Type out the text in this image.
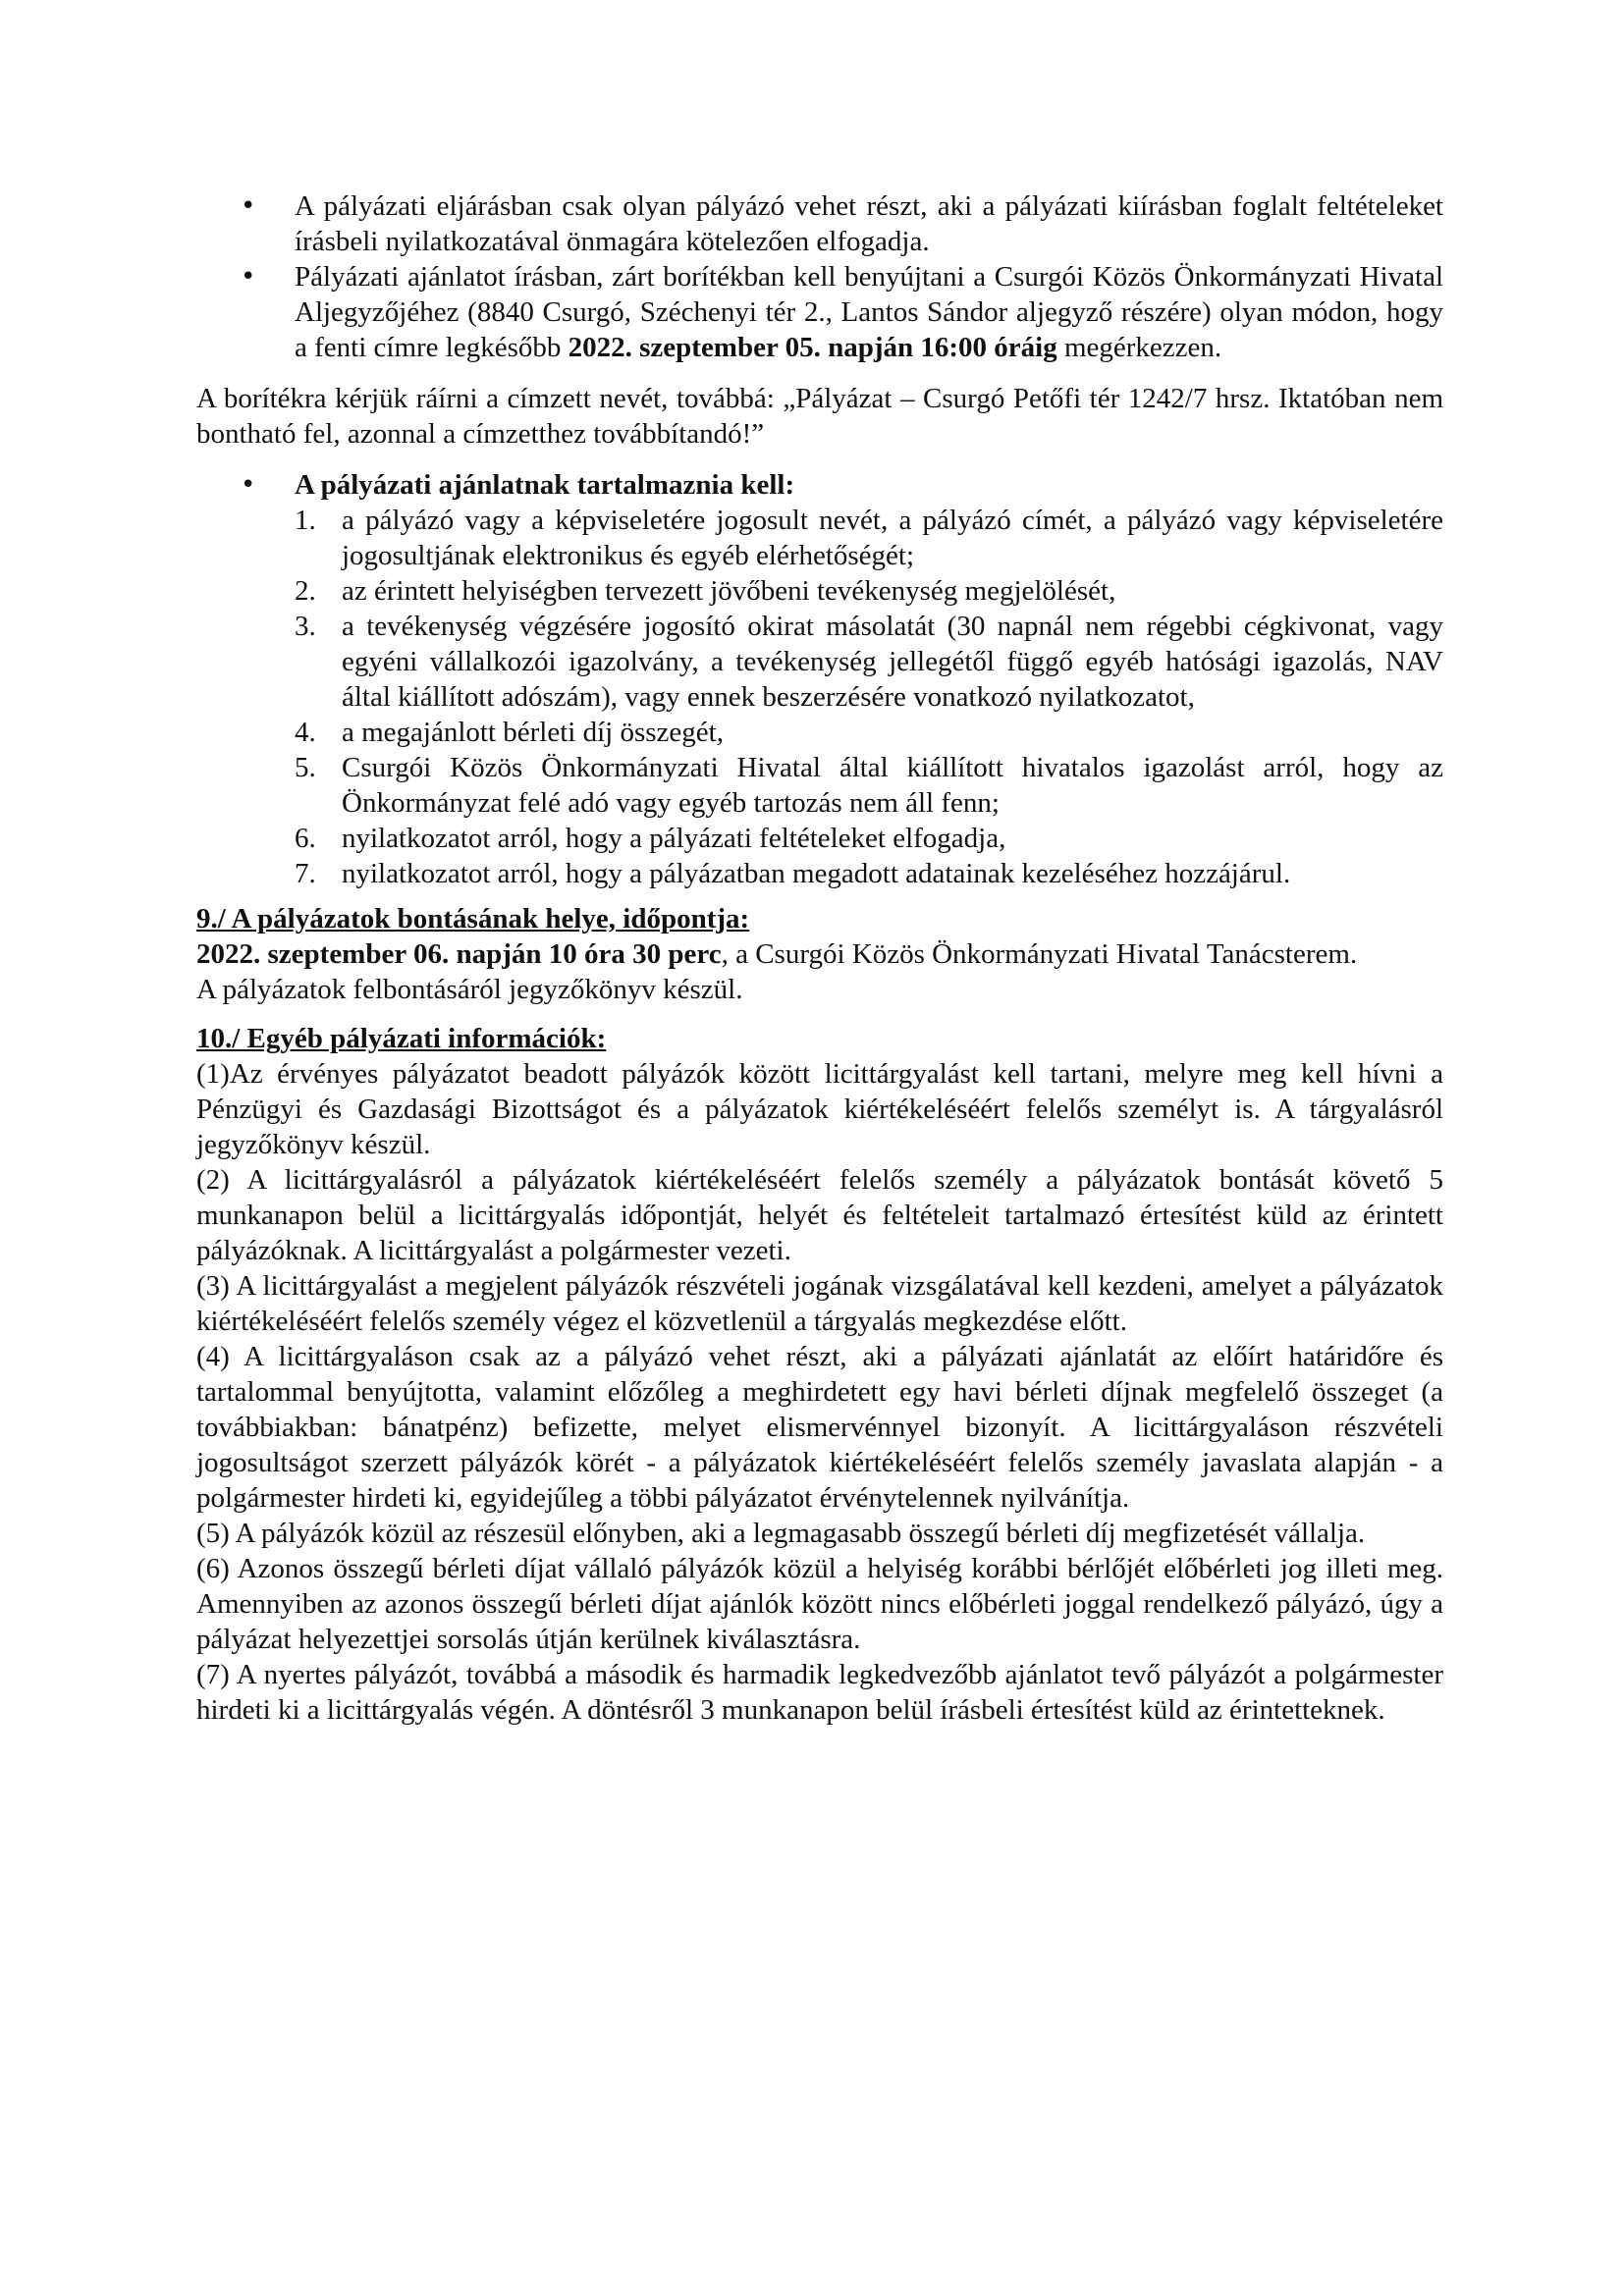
• A pályázati eljárásban csak olyan pályázó vehet részt, aki a pályázati kiírásban foglalt feltételeket írásbeli nyilatkozatával önmagára kötelezően elfogadja.
• Pályázati ajánlatot írásban, zárt borítékban kell benyújtani a Csurgói Közös Önkormányzati Hivatal Aljegyzőjéhez (8840 Csurgó, Széchenyi tér 2., Lantos Sándor aljegyző részére) olyan módon, hogy a fenti címre legkésőbb 2022. szeptember 05. napján 16:00 óráig megérkezzen.

A borítékra kérjük ráírni a címzett nevét, továbbá: „Pályázat – Csurgó Petőfi tér 1242/7 hrsz. Iktatóban nem bontható fel, azonnal a címzetthez továbbítandó!”

• A pályázati ajánlatnak tartalmaznia kell:
1. a pályázó vagy a képviseletére jogosult nevét, a pályázó címét, a pályázó vagy képviseletére jogosultjának elektronikus és egyéb elérhetőségét;
2. az érintett helyiségben tervezett jövőbeni tevékenység megjelölését,
3. a tevékenység végzésére jogosító okirat másolatát (30 napnál nem régebbi cégkivonat, vagy egyéni vállalkozói igazolvány, a tevékenység jellegétől függő egyéb hatósági igazolás, NAV által kiállított adószám), vagy ennek beszerzésére vonatkozó nyilatkozatot,
4. a megajánlott bérleti díj összegét,
5. Csurgói Közös Önkormányzati Hivatal által kiállított hivatalos igazolást arról, hogy az Önkormányzat felé adó vagy egyéb tartozás nem áll fenn;
6. nyilatkozatot arról, hogy a pályázati feltételeket elfogadja,
7. nyilatkozatot arról, hogy a pályázatban megadott adatainak kezeléséhez hozzájárul.

9./ A pályázatok bontásának helye, időpontja:

2022. szeptember 06. napján 10 óra 30 perc, a Csurgói Közös Önkormányzati Hivatal Tanácsterem.

A pályázatok felbontásáról jegyzőkönyv készül.

10./ Egyéb pályázati információk:

(1)Az érvényes pályázatot beadott pályázók között licittárgyalást kell tartani, melyre meg kell hívni a Pénzügyi és Gazdasági Bizottságot és a pályázatok kiértékeléséért felelős személyt is. A tárgyalásról jegyzőkönyv készül.

(2) A licittárgyalásról a pályázatok kiértékeléséért felelős személy a pályázatok bontását követő 5 munkanapon belül a licittárgyalás időpontját, helyét és feltételeit tartalmazó értesítést küld az érintett pályázóknak. A licittárgyalást a polgármester vezeti.

(3) A licittárgyalást a megjelent pályázók részvételi jogának vizsgálatával kell kezdeni, amelyet a pályázatok kiértékeléséért felelős személy végez el közvetlenül a tárgyalás megkezdése előtt.

(4) A licittárgyaláson csak az a pályázó vehet részt, aki a pályázati ajánlatát az előírt határidőre és tartalommal benyújtotta, valamint előzőleg a meghirdetett egy havi bérleti díjnak megfelelő összeget (a továbbiakban: bánatpénz) befizette, melyet elismervénnyel bizonyít. A licittárgyaláson részvételi jogosultságot szerzett pályázók körét - a pályázatok kiértékeléséért felelős személy javaslata alapján - a polgármester hirdeti ki, egyidejűleg a többi pályázatot érvénytelennek nyilvánítja.

(5) A pályázók közül az részesül előnyben, aki a legmagasabb összegű bérleti díj megfizetését vállalja.

(6) Azonos összegű bérleti díjat vállaló pályázók közül a helyiség korábbi bérlőjét előbérleti jog illeti meg. Amennyiben az azonos összegű bérleti díjat ajánlók között nincs előbérleti joggal rendelkező pályázó, úgy a pályázat helyezettjei sorsolás útján kerülnek kiválasztásra.

(7) A nyertes pályázót, továbbá a második és harmadik legkedvezőbb ajánlatot tevő pályázót a polgármester hirdeti ki a licittárgyalás végén. A döntésről 3 munkanapon belül írásbeli értesítést küld az érintetteknek.
